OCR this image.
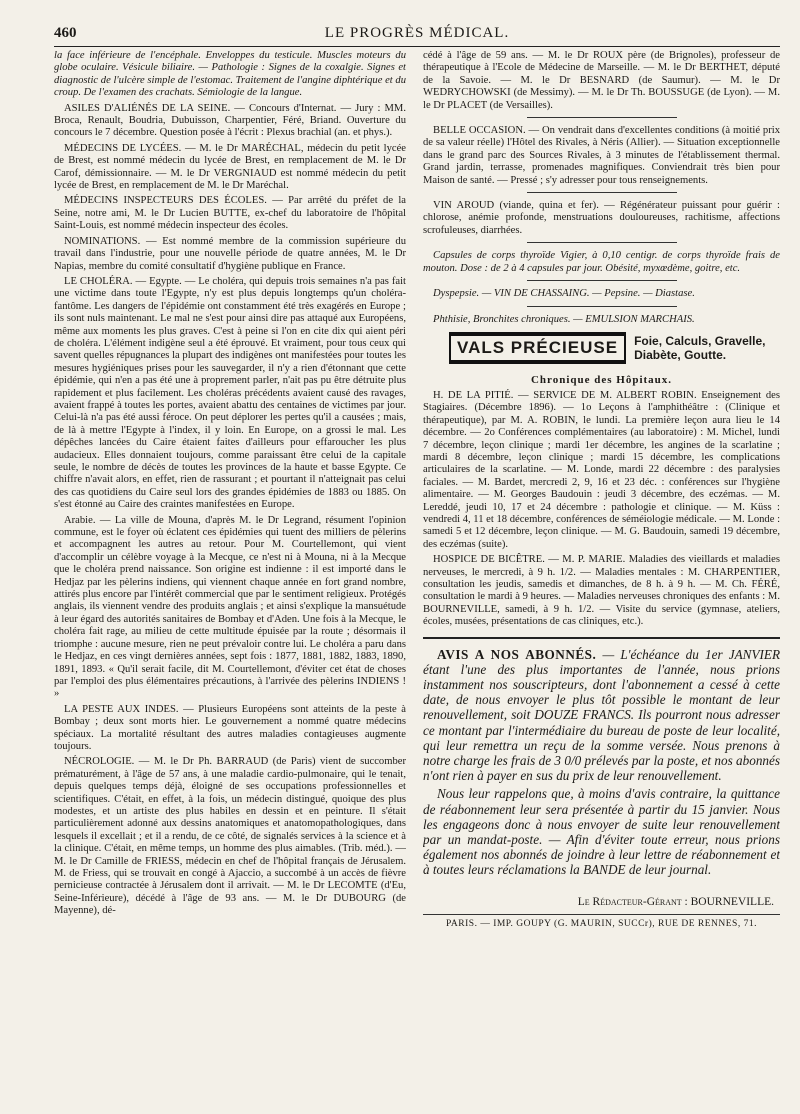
460	LE PROGRÈS MÉDICAL.

la face inférieure de l'encéphale. Enveloppes du testicule. Muscles moteurs du globe oculaire. Vésicule biliaire. — Pathologie : Signes de la coxalgie. Signes et diagnostic de l'ulcère simple de l'estomac. Traitement de l'angine diphtérique et du croup. De l'examen des crachats. Sémiologie de la langue.

ASILES D'ALIÉNÉS DE LA SEINE. — Concours d'Internat. — Jury : MM. Broca, Renault, Boudria, Dubuisson, Charpentier, Féré, Briand. Ouverture du concours le 7 décembre. Question posée à l'écrit : Plexus brachial (an. et phys.).

MÉDECINS DE LYCÉES. — M. le Dr MARÉCHAL, médecin du petit lycée de Brest, est nommé médecin du lycée de Brest, en remplacement de M. le Dr Carof, démissionnaire. — M. le Dr VERGNIAUD est nommé médecin du petit lycée de Brest, en remplacement de M. le Dr Maréchal.

MÉDECINS INSPECTEURS DES ÉCOLES. — Par arrêté du préfet de la Seine, notre ami, M. le Dr Lucien BUTTE, ex-chef du laboratoire de l'hôpital Saint-Louis, est nommé médecin inspecteur des écoles.

NOMINATIONS. — Est nommé membre de la commission supérieure du travail dans l'industrie, pour une nouvelle période de quatre années, M. le Dr Napias, membre du comité consultatif d'hygiène publique en France.

LE CHOLÉRA. — Egypte. — Le choléra, qui depuis trois semaines n'a pas fait une victime dans toute l'Egypte, n'y est plus depuis longtemps qu'un choléra-fantôme. Les dangers de l'épidémie ont constamment été très exagérés en Europe ; ils sont nuls maintenant. Le mal ne s'est pour ainsi dire pas attaqué aux Européens, même aux moments les plus graves. C'est à peine si l'on en cite dix qui aient péri de choléra. L'élément indigène seul a été éprouvé. Et vraiment, pour tous ceux qui savent quelles répugnances la plupart des indigènes ont manifestées pour toutes les mesures hygiéniques prises pour les sauvegarder, il n'y a rien d'étonnant que cette épidémie, qui n'en a pas été une à proprement parler, n'ait pas pu être détruite plus rapidement et plus facilement. Les choléras précédents avaient causé des ravages, avaient frappé à toutes les portes, avaient abattu des centaines de victimes par jour. Celui-là n'a pas été aussi féroce. On peut déplorer les pertes qu'il a causées ; mais, de là à mettre l'Egypte à l'index, il y loin. En Europe, on a grossi le mal. Les dépêches lancées du Caire étaient faites d'ailleurs pour effaroucher les plus audacieux. Elles donnaient toujours, comme paraissant être celui de la capitale seule, le nombre de décès de toutes les provinces de la haute et basse Egypte. Ce chiffre n'avait alors, en effet, rien de rassurant ; et pourtant il n'atteignait pas celui des cas quotidiens du Caire seul lors des grandes épidémies de 1883 ou 1885. On s'est étonné au Caire des craintes manifestées en Europe.

Arabie. — La ville de Mouna, d'après M. le Dr Legrand, résument l'opinion commune, est le foyer où éclatent ces épidémies qui tuent des milliers de pèlerins et accompagnent les autres au retour. Pour M. Courtellemont, qui vient d'accomplir un célèbre voyage à la Mecque, ce n'est ni à Mouna, ni à la Mecque que le choléra prend naissance. Son origine est indienne : il est importé dans le Hedjaz par les pèlerins indiens, qui viennent chaque année en fort grand nombre, attirés plus encore par l'intérêt commercial que par le sentiment religieux. Protégés anglais, ils viennent vendre des produits anglais ; et ainsi s'explique la mansuétude à leur égard des autorités sanitaires de Bombay et d'Aden. Une fois à la Mecque, le choléra fait rage, au milieu de cette multitude épuisée par la route ; désormais il triomphe : aucune mesure, rien ne peut prévaloir contre lui. Le choléra a paru dans le Hedjaz, en ces vingt dernières années, sept fois : 1877, 1881, 1882, 1883, 1890, 1891, 1893. « Qu'il serait facile, dit M. Courtellemont, d'éviter cet état de choses par l'emploi des plus élémentaires précautions, à l'arrivée des pèlerins INDIENS ! »

LA PESTE AUX INDES. — Plusieurs Européens sont atteints de la peste à Bombay ; deux sont morts hier. Le gouvernement a nommé quatre médecins spéciaux. La mortalité résultant des autres maladies contagieuses augmente toujours.

NÉCROLOGIE. — M. le Dr Ph. BARRAUD (de Paris) vient de succomber prématurément, à l'âge de 57 ans, à une maladie cardio-pulmonaire, qui le tenait, depuis quelques temps déjà, éloigné de ses occupations professionnelles et scientifiques. C'était, en effet, à la fois, un médecin distingué, quoique des plus modestes, et un artiste des plus habiles en dessin et en peinture. Il s'était particulièrement adonné aux dessins anatomiques et anatomopathologiques, dans lesquels il excellait ; et il a rendu, de ce côté, de signalés services à la science et à la clinique. C'était, en même temps, un homme des plus aimables. (Trib. méd.). — M. le Dr Camille de FRIESS, médecin en chef de l'hôpital français de Jérusalem. M. de Friess, qui se trouvait en congé à Ajaccio, a succombé à un accès de fièvre pernicieuse contractée à Jérusalem dont il arrivait. — M. le Dr LECOMTE (d'Eu, Seine-Inférieure), décédé à l'âge de 93 ans. — M. le Dr DUBOURG (de Mayenne), dé-

cédé à l'âge de 59 ans. — M. le Dr ROUX père (de Brignoles), professeur de thérapeutique à l'Ecole de Médecine de Marseille. — M. le Dr BERTHET, député de la Savoie. — M. le Dr BESNARD (de Saumur). — M. le Dr WEDRYCHOWSKI (de Messimy). — M. le Dr Th. BOUSSUGE (de Lyon). — M. le Dr PLACET (de Versailles).

BELLE OCCASION. — On vendrait dans d'excellentes conditions (à moitié prix de sa valeur réelle) l'Hôtel des Rivales, à Néris (Allier). — Situation exceptionnelle dans le grand parc des Sources Rivales, à 3 minutes de l'établissement thermal. Grand jardin, terrasse, promenades magnifiques. Conviendrait très bien pour Maison de santé. — Pressé ; s'y adresser pour tous renseignements.

VIN AROUD (viande, quina et fer). — Régénérateur puissant pour guérir : chlorose, anémie profonde, menstruations douloureuses, rachitisme, affections scrofuleuses, diarrhées.

Capsules de corps thyroïde Vigier, à 0,10 centigr. de corps thyroïde frais de mouton. Dose : de 2 à 4 capsules par jour. Obésité, myxœdème, goitre, etc.

Dyspepsie. — VIN DE CHASSAING. — Pepsine. — Diastase.

Phthisie, Bronchites chroniques. — EMULSION MARCHAIS.

VALS PRÉCIEUSE	Foie, Calculs, Gravelle,
Diabète, Goutte.
Chronique des Hôpitaux.

H. DE LA PITIÉ. — SERVICE DE M. ALBERT ROBIN. Enseignement des Stagiaires. (Décembre 1896). — 1o Leçons à l'amphithéâtre : (Clinique et thérapeutique), par M. A. ROBIN, le lundi. La première leçon aura lieu le 14 décembre. — 2o Conférences complémentaires (au laboratoire) : M. Michel, lundi 7 décembre, leçon clinique ; mardi 1er décembre, les angines de la scarlatine ; mardi 8 décembre, leçon clinique ; mardi 15 décembre, les complications articulaires de la scarlatine. — M. Londe, mardi 22 décembre : des paralysies faciales. — M. Bardet, mercredi 2, 9, 16 et 23 déc. : conférences sur l'hygiène alimentaire. — M. Georges Baudouin : jeudi 3 décembre, des eczémas. — M. Lereddé, jeudi 10, 17 et 24 décembre : pathologie et clinique. — M. Küss : vendredi 4, 11 et 18 décembre, conférences de séméiologie médicale. — M. Londe : samedi 5 et 12 décembre, leçon clinique. — M. G. Baudouin, samedi 19 décembre, des eczémas (suite).

HOSPICE DE BICÊTRE. — M. P. MARIE. Maladies des vieillards et maladies nerveuses, le mercredi, à 9 h. 1/2. — Maladies mentales : M. CHARPENTIER, consultation les jeudis, samedis et dimanches, de 8 h. à 9 h. — M. Ch. FÉRÉ, consultation le mardi à 9 heures. — Maladies nerveuses chroniques des enfants : M. BOURNEVILLE, samedi, à 9 h. 1/2. — Visite du service (gymnase, ateliers, écoles, musées, présentations de cas cliniques, etc.).

AVIS A NOS ABONNÉS. — L'échéance du 1er JANVIER étant l'une des plus importantes de l'année, nous prions instamment nos souscripteurs, dont l'abonnement a cessé à cette date, de nous envoyer le plus tôt possible le montant de leur renouvellement, soit DOUZE FRANCS. Ils pourront nous adresser ce montant par l'intermédiaire du bureau de poste de leur localité, qui leur remettra un reçu de la somme versée. Nous prenons à notre charge les frais de 3 0/0 prélevés par la poste, et nos abonnés n'ont rien à payer en sus du prix de leur renouvellement.

Nous leur rappelons que, à moins d'avis contraire, la quittance de réabonnement leur sera présentée à partir du 15 janvier. Nous les engageons donc à nous envoyer de suite leur renouvellement par un mandat-poste. — Afin d'éviter toute erreur, nous prions également nos abonnés de joindre à leur lettre de réabonnement et à toutes leurs réclamations la BANDE de leur journal.

Le Rédacteur-Gérant : BOURNEVILLE.
PARIS. — IMP. GOUPY (G. MAURIN, SUCCr), RUE DE RENNES, 71.
